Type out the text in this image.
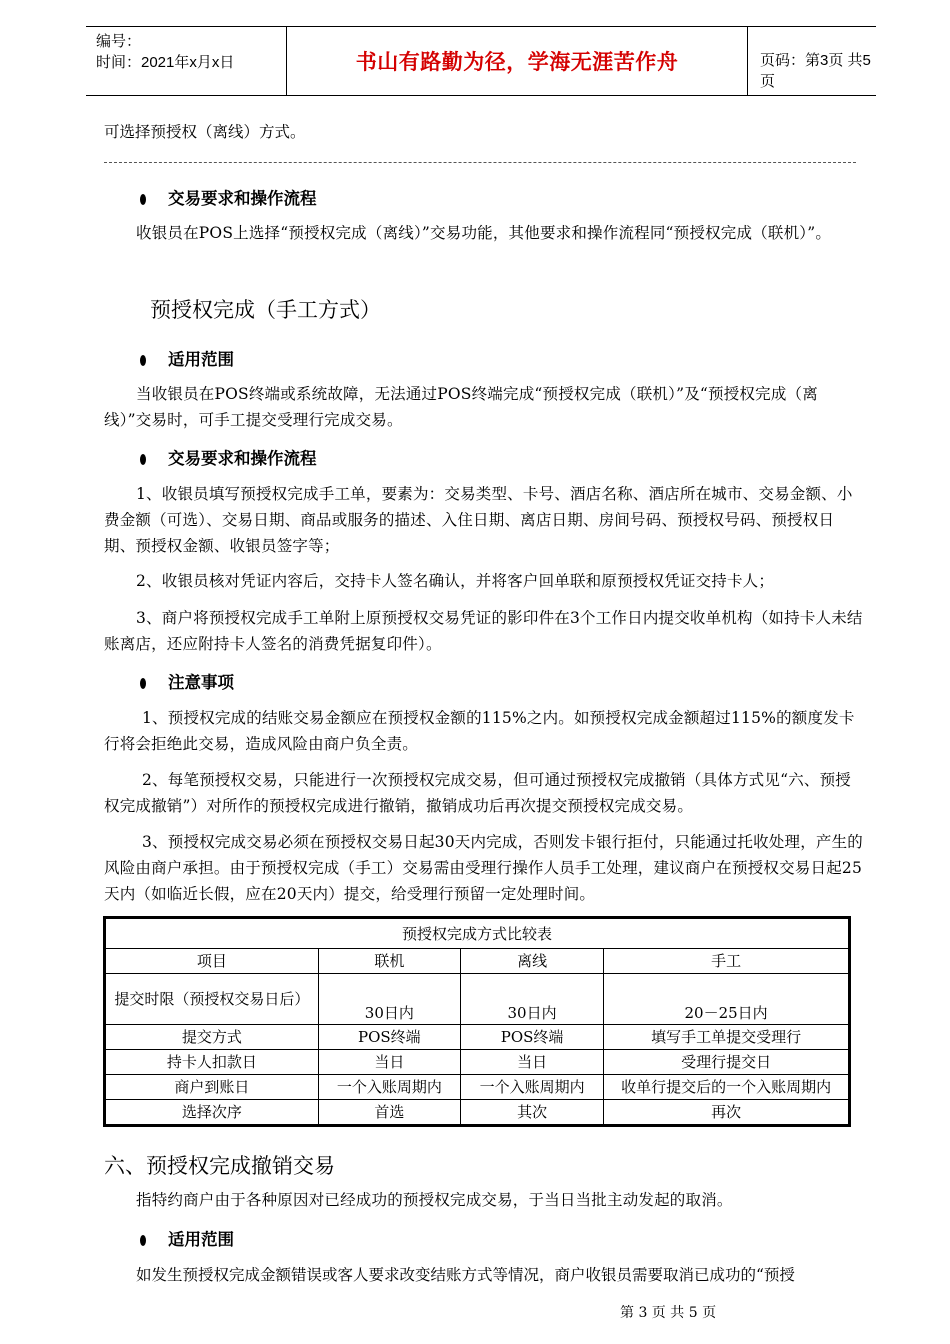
编号：
时间：2021年x月x日	书山有路勤为径，学海无涯苦作舟	页码：第3页 共5页
可选择预授权（离线）方式。
交易要求和操作流程
收银员在POS上选择“预授权完成（离线）”交易功能，其他要求和操作流程同“预授权完成（联机）”。
预授权完成（手工方式）
适用范围
当收银员在POS终端或系统故障，无法通过POS终端完成“预授权完成（联机）”及“预授权完成（离线）”交易时，可手工提交受理行完成交易。
交易要求和操作流程
1、收银员填写预授权完成手工单，要素为：交易类型、卡号、酒店名称、酒店所在城市、交易金额、小费金额（可选）、交易日期、商品或服务的描述、入住日期、离店日期、房间号码、预授权号码、预授权日期、预授权金额、收银员签字等；
2、收银员核对凭证内容后，交持卡人签名确认，并将客户回单联和原预授权凭证交持卡人；
3、商户将预授权完成手工单附上原预授权交易凭证的影印件在3个工作日内提交收单机构（如持卡人未结账离店，还应附持卡人签名的消费凭据复印件）。
注意事项
1、预授权完成的结账交易金额应在预授权金额的115%之内。如预授权完成金额超过115%的额度发卡行将会拒绝此交易，造成风险由商户负全责。
2、每笔预授权交易，只能进行一次预授权完成交易，但可通过预授权完成撤销（具体方式见“六、预授权完成撤销”）对所作的预授权完成进行撤销，撤销成功后再次提交预授权完成交易。
3、预授权完成交易必须在预授权交易日起30天内完成，否则发卡银行拒付，只能通过托收处理，产生的风险由商户承担。由于预授权完成（手工）交易需由受理行操作人员手工处理，建议商户在预授权交易日起25天内（如临近长假，应在20天内）提交，给受理行预留一定处理时间。
预授权完成方式比较表			
项目	联机	离线	手工
提交时限（预授权交易日后）	30日内	30日内	20－25日内
提交方式	POS终端	POS终端	填写手工单提交受理行
持卡人扣款日	当日	当日	受理行提交日
商户到账日	一个入账周期内	一个入账周期内	收单行提交后的一个入账周期内
选择次序	首选	其次	再次
六、预授权完成撤销交易
指特约商户由于各种原因对已经成功的预授权完成交易，于当日当批主动发起的取消。
适用范围
如发生预授权完成金额错误或客人要求改变结账方式等情况，商户收银员需要取消已成功的“预授
第 3 页 共 5 页
